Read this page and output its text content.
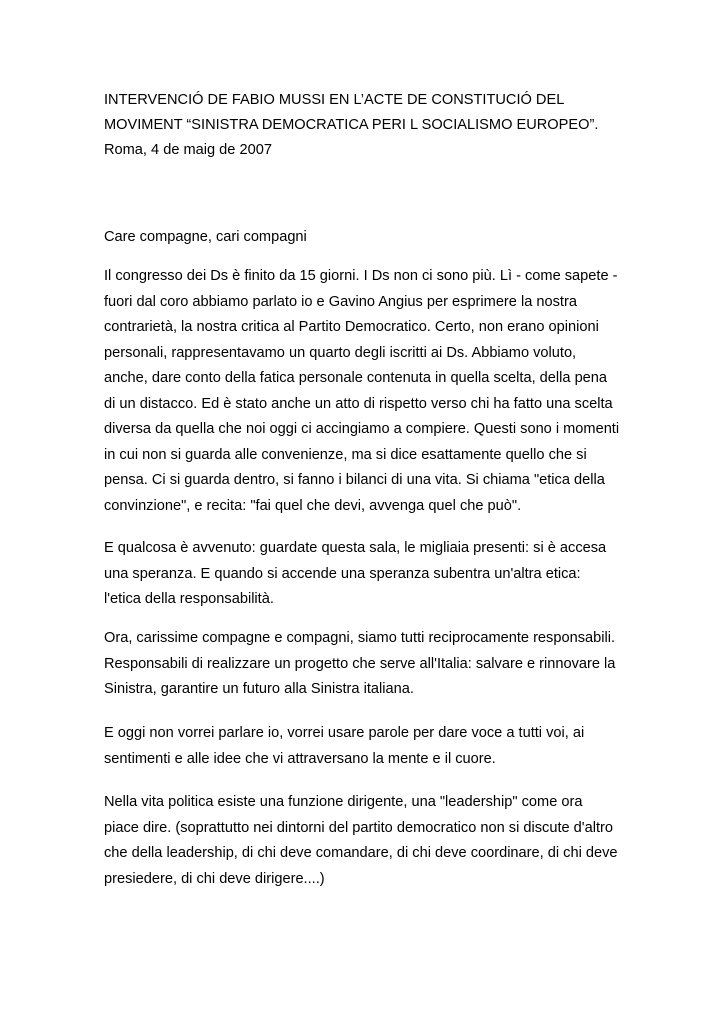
INTERVENCIÓ DE FABIO MUSSI EN L’ACTE DE CONSTITUCIÓ DEL
MOVIMENT “SINISTRA DEMOCRATICA PERI L SOCIALISMO EUROPEO”.
Roma, 4 de maig de 2007
Care compagne, cari compagni
Il congresso dei Ds è finito da 15 giorni. I Ds non ci sono più. Lì - come sapete -
fuori dal coro abbiamo parlato io e Gavino Angius per esprimere la nostra
contrarietà, la nostra critica al Partito Democratico. Certo, non erano opinioni
personali, rappresentavamo un quarto degli iscritti ai Ds. Abbiamo voluto,
anche, dare conto della fatica personale contenuta in quella scelta, della pena
di un distacco. Ed è stato anche un atto di rispetto verso chi ha fatto una scelta
diversa da quella che noi oggi ci accingiamo a compiere. Questi sono i momenti
in cui non si guarda alle convenienze, ma si dice esattamente quello che si
pensa. Ci si guarda dentro, si fanno i bilanci di una vita. Si chiama "etica della
convinzione", e recita: "fai quel che devi, avvenga quel che può".
E qualcosa è avvenuto: guardate questa sala, le migliaia presenti: si è accesa
una speranza. E quando si accende una speranza subentra un'altra etica:
l'etica della responsabilità.
Ora, carissime compagne e compagni, siamo tutti reciprocamente responsabili.
Responsabili di realizzare un progetto che serve all'Italia: salvare e rinnovare la
Sinistra, garantire un futuro alla Sinistra italiana.
E oggi non vorrei parlare io, vorrei usare parole per dare voce a tutti voi, ai
sentimenti e alle idee che vi attraversano la mente e il cuore.
Nella vita politica esiste una funzione dirigente, una "leadership" come ora
piace dire. (soprattutto nei dintorni del partito democratico non si discute d'altro
che della leadership, di chi deve comandare, di chi deve coordinare, di chi deve
presiedere, di chi deve dirigere....)
